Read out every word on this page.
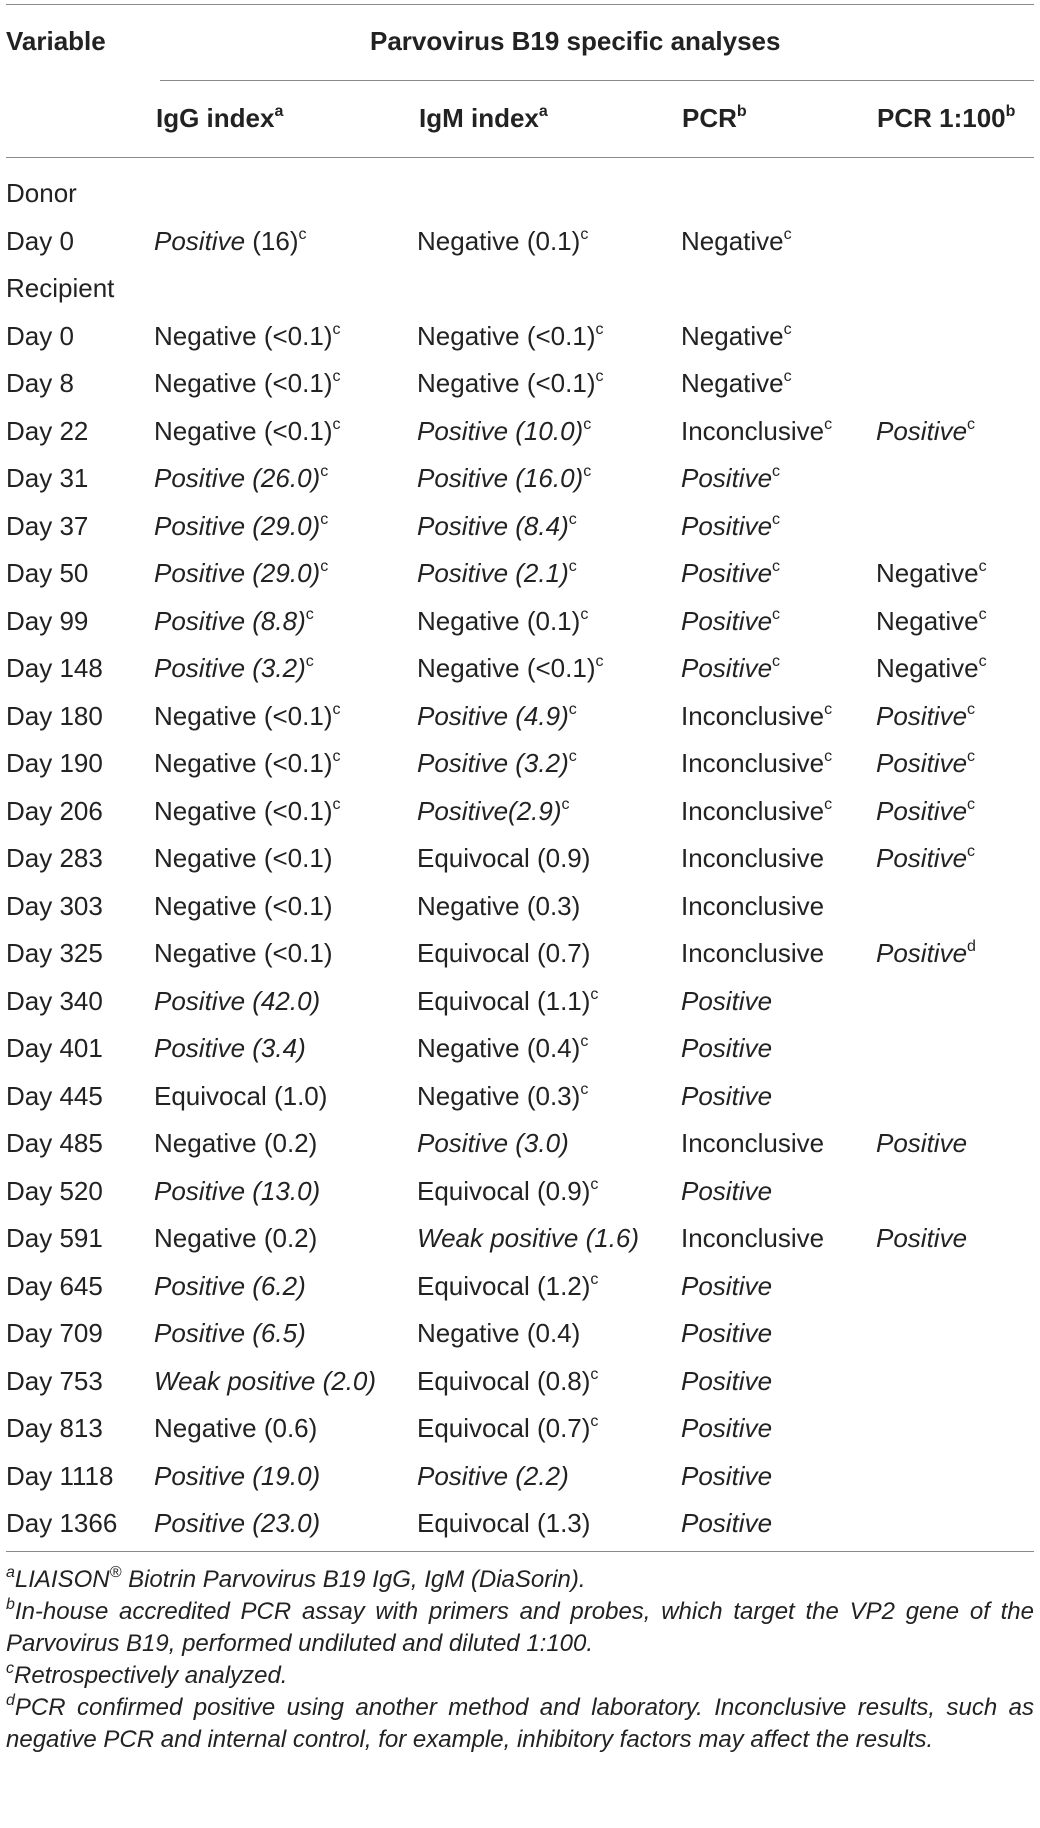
Variable	Parvovirus B19 specific analyses
IgG index$^a$	IgM index$^a$	PCR$^b$	PCR 1:100$^b$
Donor
Day 0	Positive $(16)^c$	Negative $(0.1)^c$	Negative$^c$
Recipient
Day 0	Negative (<0.1)$^c$	Negative (<0.1)$^c$	Negative$^c$
Day 8	Negative (<0.1)$^c$	Negative (<0.1)$^c$	Negative$^c$
Day 22	Negative (<0.1)$^c$	Positive $(10.0)^c$	Inconclusive$^c$ Positive$^c$
Day 31	Positive $(26.0)^c$	Positive $(16.0)^c$	Positive$^c$
Day 37	Positive $(29.0)^c$	Positive $(8.4)^c$	Positive$^c$
Day 50	Positive $(29.0)^c$	Positive $(2.1)^c$	Positive$^c$	Negative$^c$
Day 99	Positive $(8.8)^c$	Negative $(0.1)^c$	Positive$^c$	Negative$^c$
Day 148 Positive $(3.2)^c$	Negative (<0.1)$^c$	Positive$^c$	Negative$^c$
Day 180 Negative (<0.1)$^c$	Positive $(4.9)^c$	Inconclusive$^c$ Positive$^c$
Day 190 Negative (<0.1)$^c$	Positive $(3.2)^c$	Inconclusive$^c$ Positive$^c$
Day 206 Negative (<0.1)$^c$	$Positive(2.9)^c$	Inconclusive$^c$ Positive$^c$
Day 283 Negative (<0.1)	Equivocal (0.9)	Inconclusive Positive$^c$
Day 303 Negative (<0.1)	Negative (0.3)	Inconclusive
Day 325 Negative (<0.1)	Equivocal (0.7)	Inconclusive Positive$^d$
Day 340 Positive (42.0)	Equivocal $(1.1)^c$	Positive
Day 401 Positive (3.4)	Negative $(0.4)^c$	Positive
Day 445 Equivocal (1.0)	Negative $(0.3)^c$	Positive
Day 485 Negative (0.2)	Positive (3.0)	Inconclusive Positive
Day 520 Positive (13.0)	Equivocal $(0.9)^c$	Positive
Day 591 Negative (0.2)	Weak positive (1.6) Inconclusive Positive
Day 645 Positive (6.2)	Equivocal $(1.2)^c$	Positive
Day 709 Positive (6.5)	Negative (0.4)	Positive
Day 753 Weak positive (2.0) Equivocal $(0.8)^c$	Positive
Day 813 Negative (0.6)	Equivocal $(0.7)^c$	Positive
Day 1118 Positive (19.0)	Positive (2.2)	Positive
Day 1366 Positive (23.0)	Equivocal (1.3)	Positive
$^a$LIAISON® Biotrin Parvovirus B19 IgG, IgM (DiaSorin).
$^b$In-house accredited PCR assay with primers and probes, which target the VP2 gene of the Parvovirus B19, performed undiluted and diluted 1:100.
$^c$Retrospectively analyzed.
$^d$PCR confirmed positive using another method and laboratory. Inconclusive results, such as negative PCR and internal control, for example, inhibitory factors may affect the results.
